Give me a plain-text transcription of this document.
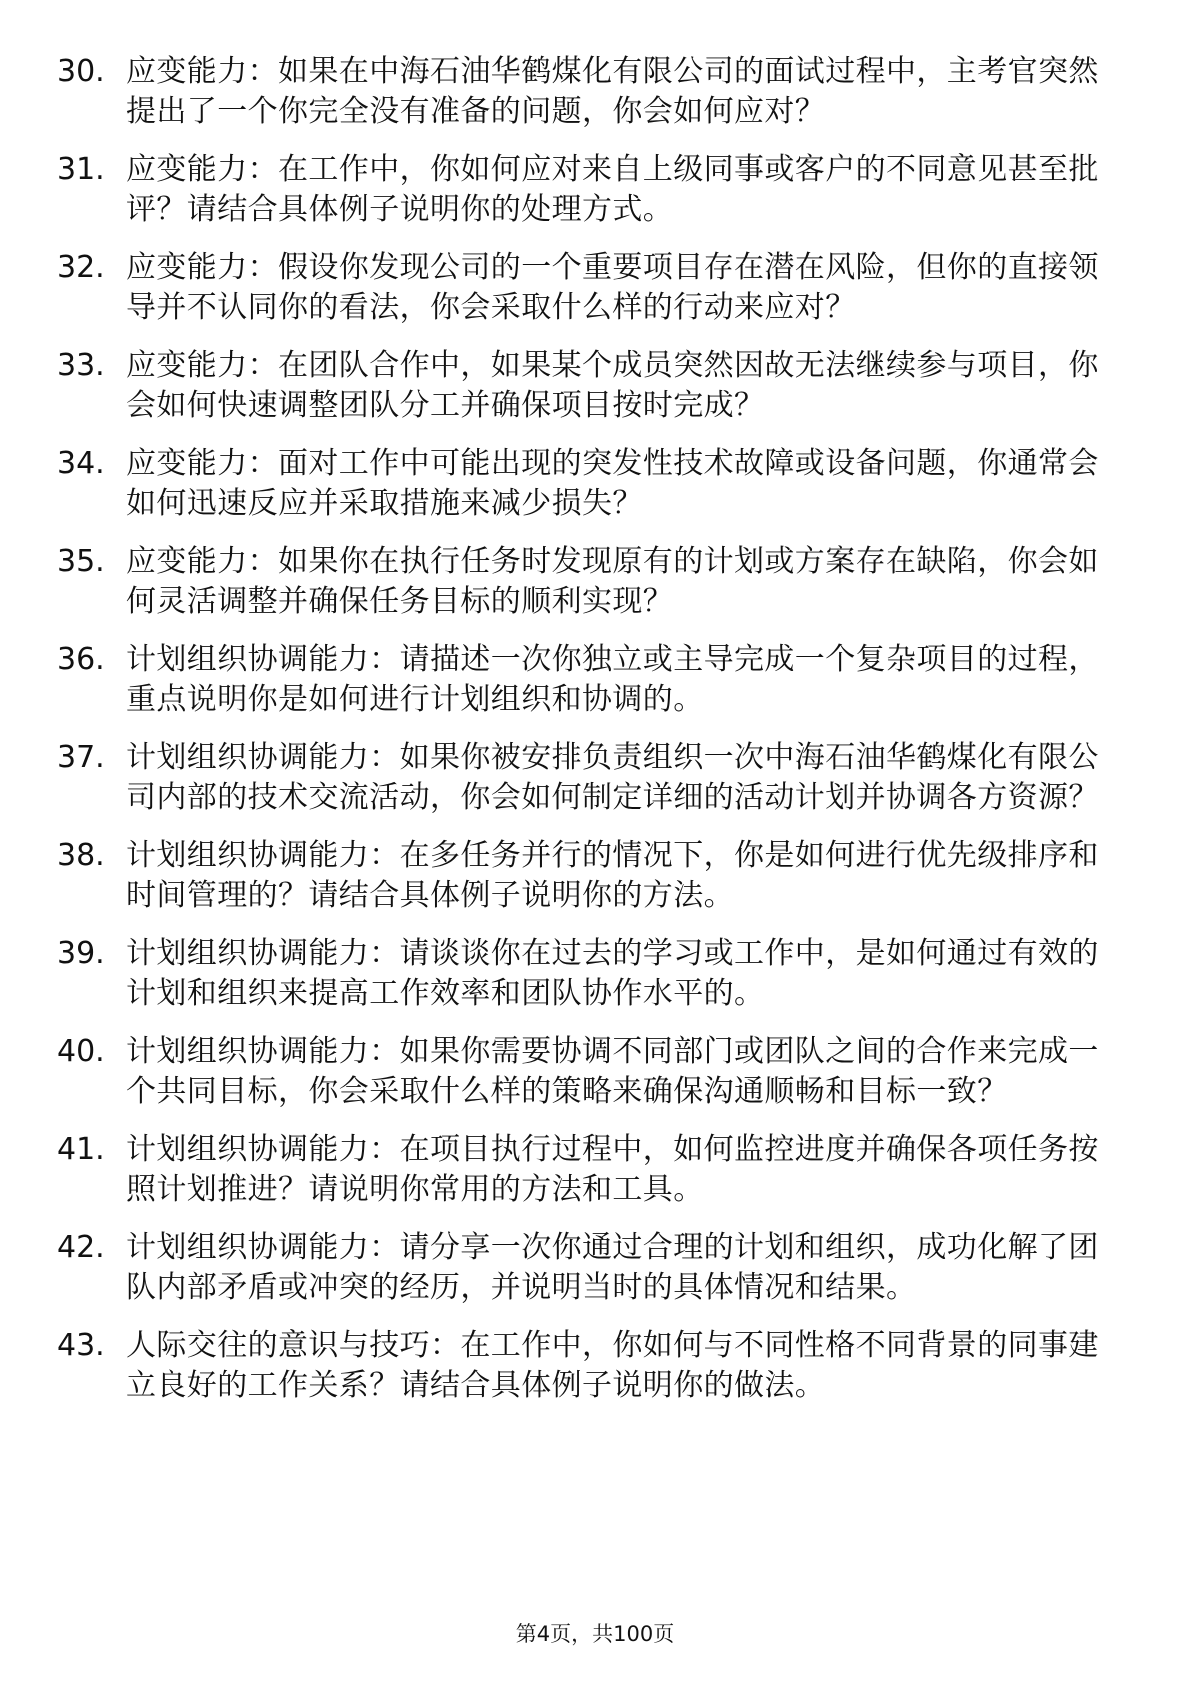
30. 应变能力：如果在中海石油华鹤煤化有限公司的面试过程中，主考官突然提出了一个你完全没有准备的问题，你会如何应对？
31. 应变能力：在工作中，你如何应对来自上级同事或客户的不同意见甚至批评？请结合具体例子说明你的处理方式。
32. 应变能力：假设你发现公司的一个重要项目存在潜在风险，但你的直接领导并不认同你的看法，你会采取什么样的行动来应对？
33. 应变能力：在团队合作中，如果某个成员突然因故无法继续参与项目，你会如何快速调整团队分工并确保项目按时完成？
34. 应变能力：面对工作中可能出现的突发性技术故障或设备问题，你通常会如何迅速反应并采取措施来减少损失？
35. 应变能力：如果你在执行任务时发现原有的计划或方案存在缺陷，你会如何灵活调整并确保任务目标的顺利实现？
36. 计划组织协调能力：请描述一次你独立或主导完成一个复杂项目的过程，重点说明你是如何进行计划组织和协调的。
37. 计划组织协调能力：如果你被安排负责组织一次中海石油华鹤煤化有限公司内部的技术交流活动，你会如何制定详细的活动计划并协调各方资源？
38. 计划组织协调能力：在多任务并行的情况下，你是如何进行优先级排序和时间管理的？请结合具体例子说明你的方法。
39. 计划组织协调能力：请谈谈你在过去的学习或工作中，是如何通过有效的计划和组织来提高工作效率和团队协作水平的。
40. 计划组织协调能力：如果你需要协调不同部门或团队之间的合作来完成一个共同目标，你会采取什么样的策略来确保沟通顺畅和目标一致？
41. 计划组织协调能力：在项目执行过程中，如何监控进度并确保各项任务按照计划推进？请说明你常用的方法和工具。
42. 计划组织协调能力：请分享一次你通过合理的计划和组织，成功化解了团队内部矛盾或冲突的经历，并说明当时的具体情况和结果。
43. 人际交往的意识与技巧：在工作中，你如何与不同性格不同背景的同事建立良好的工作关系？请结合具体例子说明你的做法。
第4页，共100页
